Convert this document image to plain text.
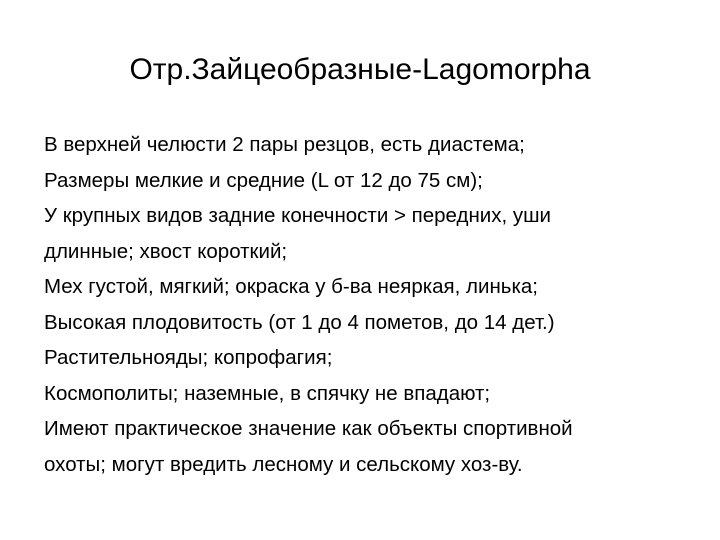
Отр.Зайцеобразные-Lagomorpha
В верхней челюсти 2 пары резцов, есть диастема;
Размеры мелкие и средние (L от 12 до 75 см);
У крупных видов задние конечности > передних, уши
длинные; хвост короткий;
Мех густой, мягкий; окраска у б-ва неяркая, линька;
Высокая плодовитость (от 1 до 4 пометов, до 14 дет.)
Растительнояды; копрофагия;
Космополиты; наземные, в спячку не впадают;
Имеют практическое значение как объекты спортивной
охоты; могут вредить лесному и сельскому хоз-ву.
